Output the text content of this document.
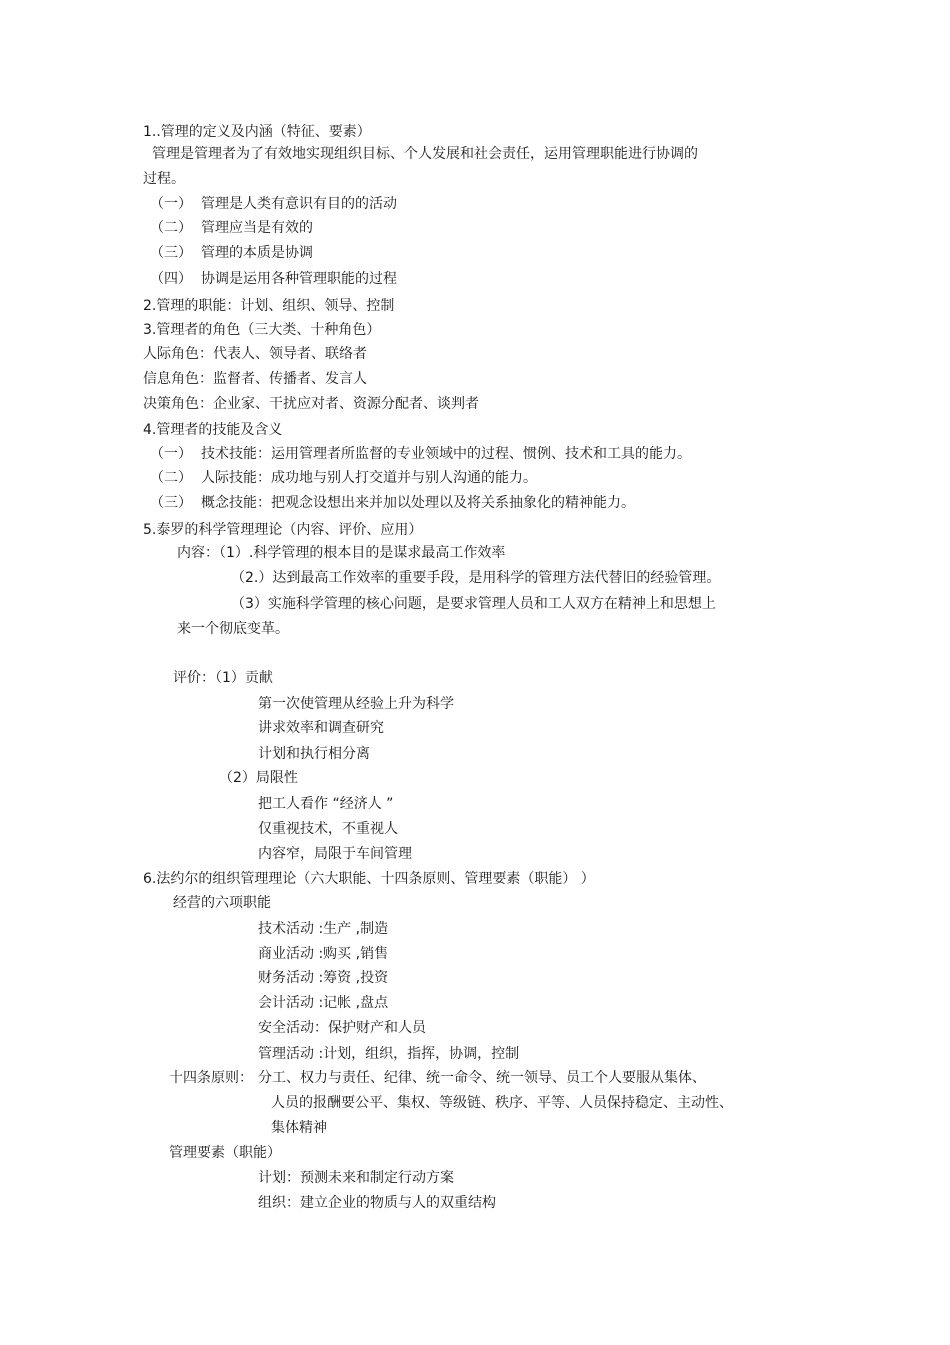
1..管理的定义及内涵（特征、要素）
管理是管理者为了有效地实现组织目标、个人发展和社会责任，运用管理职能进行协调的
过程。
（一） 管理是人类有意识有目的的活动
（二） 管理应当是有效的
（三） 管理的本质是协调
（四） 协调是运用各种管理职能的过程
2.管理的职能：计划、组织、领导、控制
3.管理者的角色（三大类、十种角色）
人际角色：代表人、领导者、联络者
信息角色：监督者、传播者、发言人
决策角色：企业家、干扰应对者、资源分配者、谈判者
4.管理者的技能及含义
（一） 技术技能：运用管理者所监督的专业领域中的过程、惯例、技术和工具的能力。
（二） 人际技能：成功地与别人打交道并与别人沟通的能力。
（三） 概念技能：把观念设想出来并加以处理以及将关系抽象化的精神能力。
5.泰罗的科学管理理论（内容、评价、应用）
内容：（1）.科学管理的根本目的是谋求最高工作效率
（2.）达到最高工作效率的重要手段，是用科学的管理方法代替旧的经验管理。
（3）实施科学管理的核心问题，是要求管理人员和工人双方在精神上和思想上
来一个彻底变革。
评价：（1）贡献
第一次使管理从经验上升为科学
讲求效率和调查研究
计划和执行相分离
（2）局限性
把工人看作 “经济人 ”
仅重视技术，不重视人
内容窄，局限于车间管理
6.法约尔的组织管理理论（六大职能、十四条原则、管理要素（职能） ）
经营的六项职能
技术活动 :生产 ,制造
商业活动 :购买 ,销售
财务活动 :筹资 ,投资
会计活动 :记帐 ,盘点
安全活动：保护财产和人员
管理活动 :计划，组织，指挥，协调，控制
十四条原则： 分工、权力与责任、纪律、统一命令、统一领导、员工个人要服从集体、
人员的报酬要公平、集权、等级链、秩序、平等、人员保持稳定、主动性、
集体精神
管理要素（职能）
计划：预测未来和制定行动方案
组织：建立企业的物质与人的双重结构
